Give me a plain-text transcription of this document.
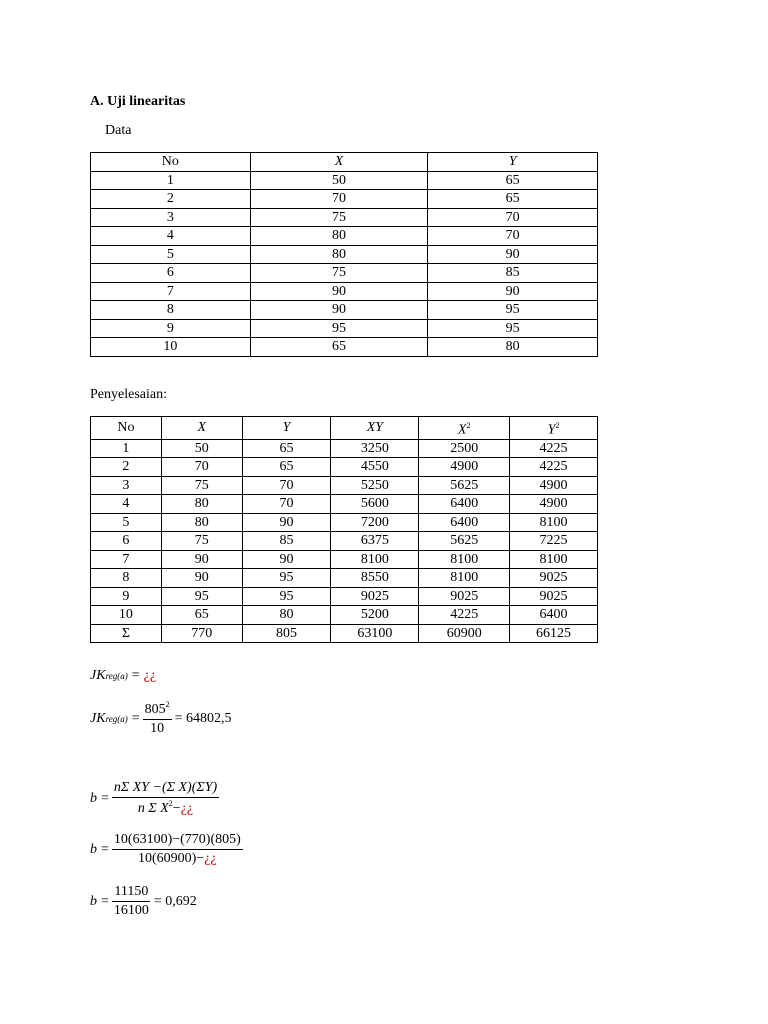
A. Uji linearitas
Data
No	X	Y
1	50	65
2	70	65
3	75	70
4	80	70
5	80	90
6	75	85
7	90	90
8	90	95
9	95	95
10	65	80
Penyelesaian:
No	X	Y	XY	$X^2$	$Y^2$
1	50	65	3250	2500	4225
2	70	65	4550	4900	4225
3	75	70	5250	5625	4900
4	80	70	5600	6400	4900
5	80	90	7200	6400	8100
6	75	85	6375	5625	7225
7	90	90	8100	8100	8100
8	90	95	8550	8100	9025
9	95	95	9025	9025	9025
10	65	80	5200	4225	6400
Σ	770	805	63100	60900	66125
JK reg(a) = ¿¿
JK $reg(a) = \frac{805^2}{10} = 64802,5$
$b = \frac{\text{nΣ XY −(Σ X)(ΣY)}}{n \Sigma X^2-¿¿}$
$b = \frac{10(63100)-(770)(805)}{10(60900)-¿¿}$
$b = \frac{11150}{16100} = 0,692$
